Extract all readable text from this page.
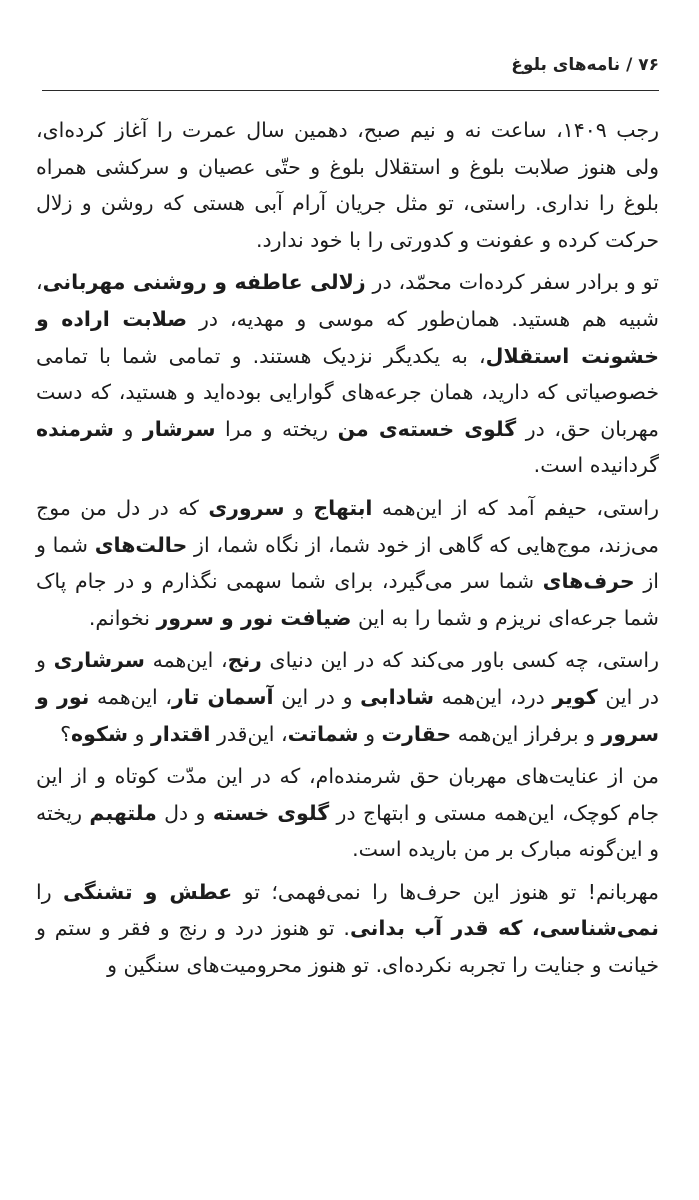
۷۶ / نامه‌های بلوغ

رجب ۱۴۰۹، ساعت نه و نیم صبح، دهمین سال عمرت را آغاز کرده‌ای، ولی هنوز صلابت بلوغ و استقلال بلوغ و حتّی عصیان و سرکشی همراه بلوغ را نداری. راستی، تو مثل جریان آرام آبی هستی که روشن و زلال حرکت کرده و عفونت و کدورتی را با خود ندارد.

تو و برادر سفر کرده‌ات محمّد، در زلالی عاطفه و روشنی مهربانی، شبیه هم هستید. همان‌طور که موسی و مهدیه، در صلابت اراده و خشونت استقلال، به یکدیگر نزدیک هستند. و تمامی شما با تمامی خصوصیاتی که دارید، همان جرعه‌های گوارایی بوده‌اید و هستید، که دست مهربان حق، در گلوی خسته‌ی من ریخته و مرا سرشار و شرمنده گردانیده است.

راستی، حیفم آمد که از این‌همه ابتهاج و سروری که در دل من موج می‌زند، موج‌هایی که گاهی از خود شما، از نگاه شما، از حالت‌های شما و از حرف‌های شما سر می‌گیرد، برای شما سهمی نگذارم و در جام پاک شما جرعه‌ای نریزم و شما را به این ضیافت نور و سرور نخوانم.

راستی، چه کسی باور می‌کند که در این دنیای رنج، این‌همه سرشاری و در این کویر درد، این‌همه شادابی و در این آسمان تار، این‌همه نور و سرور و برفراز این‌همه حقارت و شماتت، این‌قدر اقتدار و شکوه؟

من از عنایت‌های مهربان حق شرمنده‌ام، که در این مدّت کوتاه و از این جام کوچک، این‌همه مستی و ابتهاج در گلوی خسته و دل ملتهبم ریخته و این‌گونه مبارک بر من باریده است.

مهربانم! تو هنوز این حرف‌ها را نمی‌فهمی؛ تو عطش و تشنگی را نمی‌شناسی، که قدر آب بدانی. تو هنوز درد و رنج و فقر و ستم و خیانت و جنایت را تجربه نکرده‌ای. تو هنوز محرومیت‌های سنگین و
